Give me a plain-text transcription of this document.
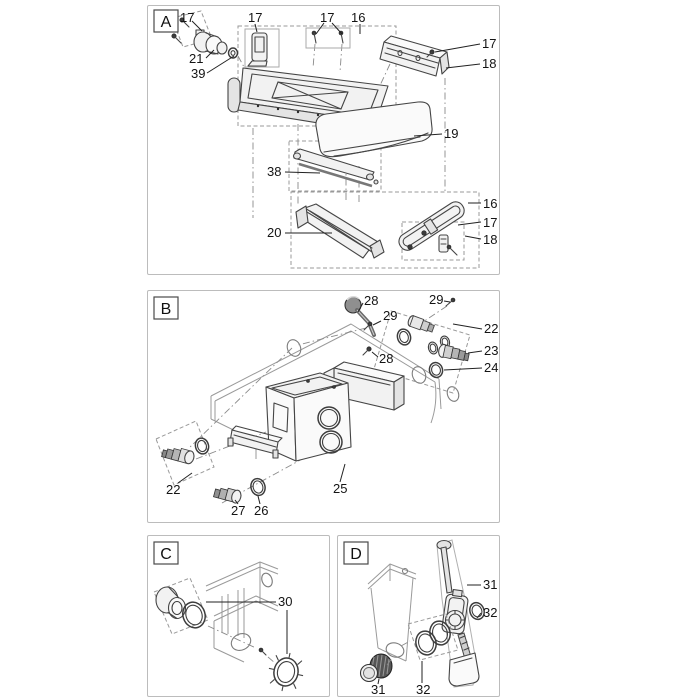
17	17	17 16
17
18
21
39
19
38
20
16
17
18
A
28
29
29
22
23
24
28
22	25
27 26
B
30
C
31
32
31 32
D
